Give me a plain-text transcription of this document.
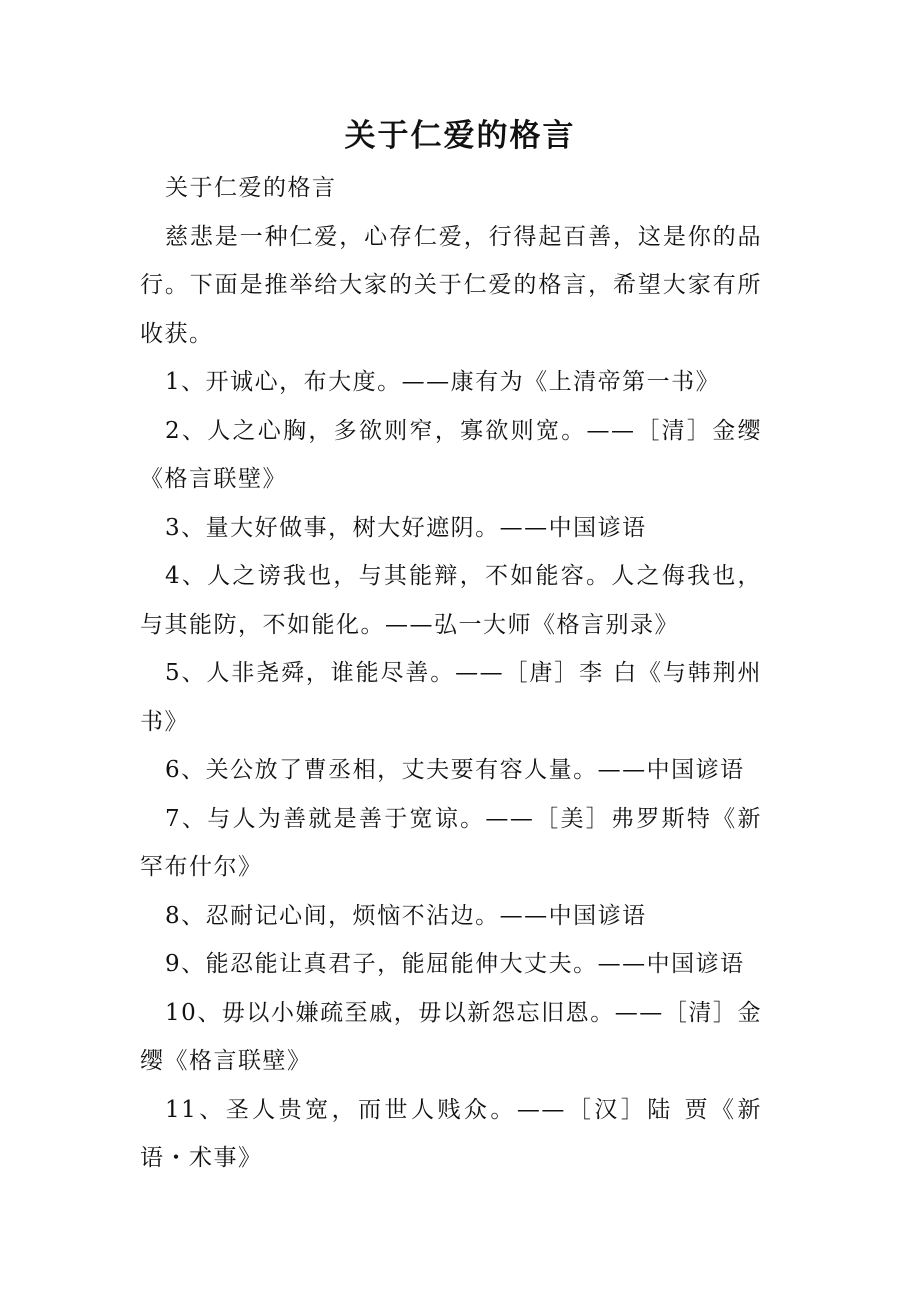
关于仁爱的格言

关于仁爱的格言

慈悲是一种仁爱，心存仁爱，行得起百善，这是你的品行。下面是推举给大家的关于仁爱的格言，希望大家有所收获。

1、开诚心，布大度。——康有为《上清帝第一书》

2、人之心胸，多欲则窄，寡欲则宽。——［清］金缨《格言联壁》

3、量大好做事，树大好遮阴。——中国谚语

4、人之谤我也，与其能辩，不如能容。人之侮我也，与其能防，不如能化。——弘一大师《格言别录》

5、人非尧舜，谁能尽善。——［唐］李 白《与韩荆州书》

6、关公放了曹丞相，丈夫要有容人量。——中国谚语

7、与人为善就是善于宽谅。——［美］弗罗斯特《新罕布什尔》

8、忍耐记心间，烦恼不沾边。——中国谚语

9、能忍能让真君子，能屈能伸大丈夫。——中国谚语

10、毋以小嫌疏至戚，毋以新怨忘旧恩。——［清］金缨《格言联壁》

11、圣人贵宽，而世人贱众。——［汉］陆 贾《新语・术事》
